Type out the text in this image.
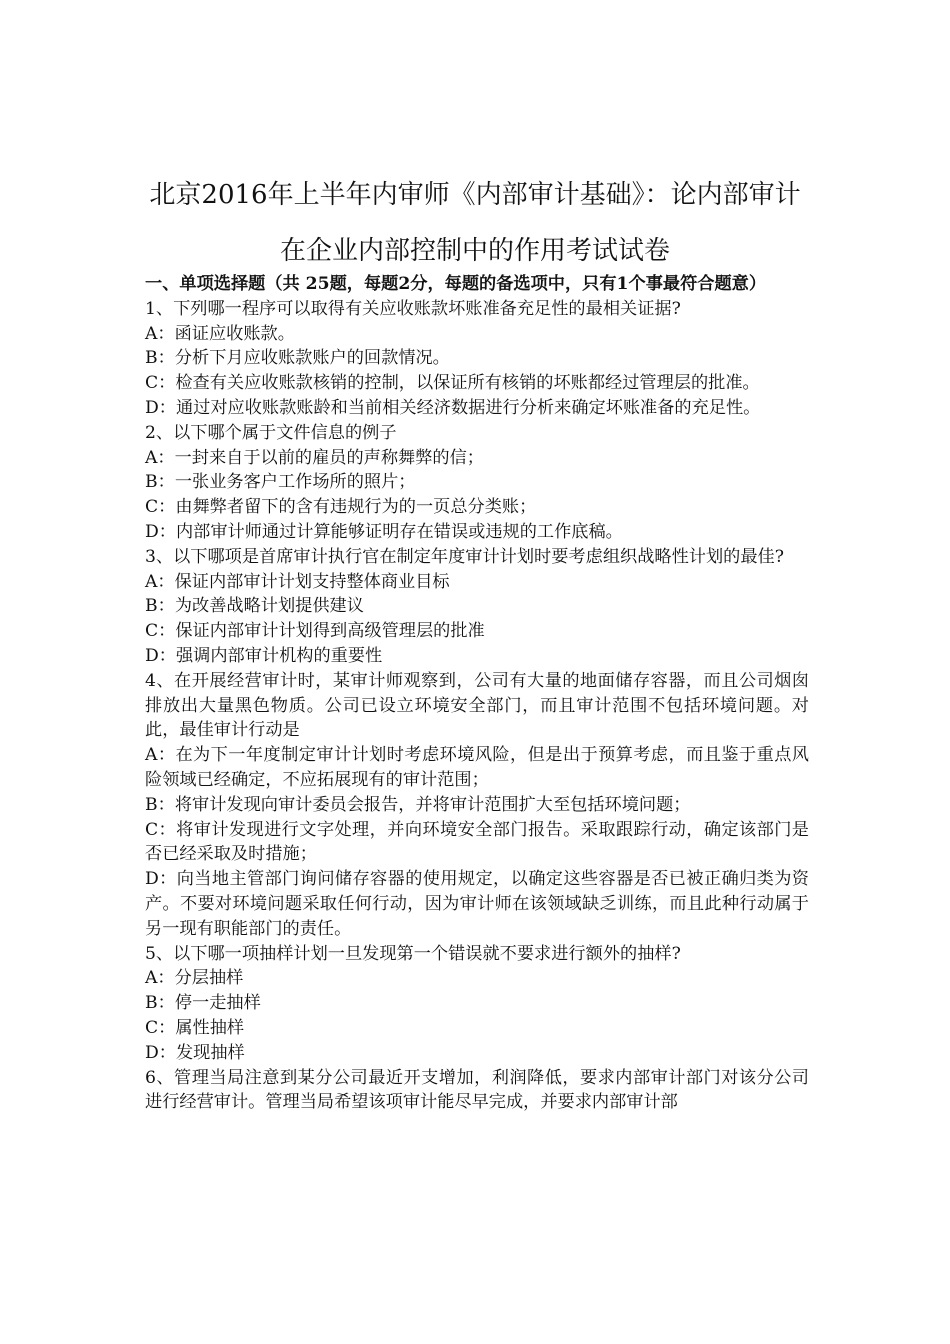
北京2016年上半年内审师《内部审计基础》：论内部审计
在企业内部控制中的作用考试试卷

一、单项选择题（共 25题，每题2分，每题的备选项中，只有1个事最符合题意）

1、下列哪一程序可以取得有关应收账款坏账准备充足性的最相关证据?

A：函证应收账款。

B：分析下月应收账款账户的回款情况。

C：检查有关应收账款核销的控制，以保证所有核销的坏账都经过管理层的批准。

D：通过对应收账款账龄和当前相关经济数据进行分析来确定坏账准备的充足性。

2、以下哪个属于文件信息的例子

A：一封来自于以前的雇员的声称舞弊的信；

B：一张业务客户工作场所的照片；

C：由舞弊者留下的含有违规行为的一页总分类账；

D：内部审计师通过计算能够证明存在错误或违规的工作底稿。

3、以下哪项是首席审计执行官在制定年度审计计划时要考虑组织战略性计划的最佳?

A：保证内部审计计划支持整体商业目标

B：为改善战略计划提供建议

C：保证内部审计计划得到高级管理层的批准

D：强调内部审计机构的重要性

4、在开展经营审计时，某审计师观察到，公司有大量的地面储存容器，而且公司烟囱排放出大量黑色物质。公司已设立环境安全部门，而且审计范围不包括环境问题。对此，最佳审计行动是

A：在为下一年度制定审计计划时考虑环境风险，但是出于预算考虑，而且鉴于重点风险领域已经确定，不应拓展现有的审计范围；

B：将审计发现向审计委员会报告，并将审计范围扩大至包括环境问题；

C：将审计发现进行文字处理，并向环境安全部门报告。采取跟踪行动，确定该部门是否已经采取及时措施；

D：向当地主管部门询问储存容器的使用规定，以确定这些容器是否已被正确归类为资产。不要对环境问题采取任何行动，因为审计师在该领域缺乏训练，而且此种行动属于另一现有职能部门的责任。

5、以下哪一项抽样计划一旦发现第一个错误就不要求进行额外的抽样?

A：分层抽样

B：停一走抽样

C：属性抽样

D：发现抽样

6、管理当局注意到某分公司最近开支增加，利润降低，要求内部审计部门对该分公司进行经营审计。管理当局希望该项审计能尽早完成，并要求内部审计部
